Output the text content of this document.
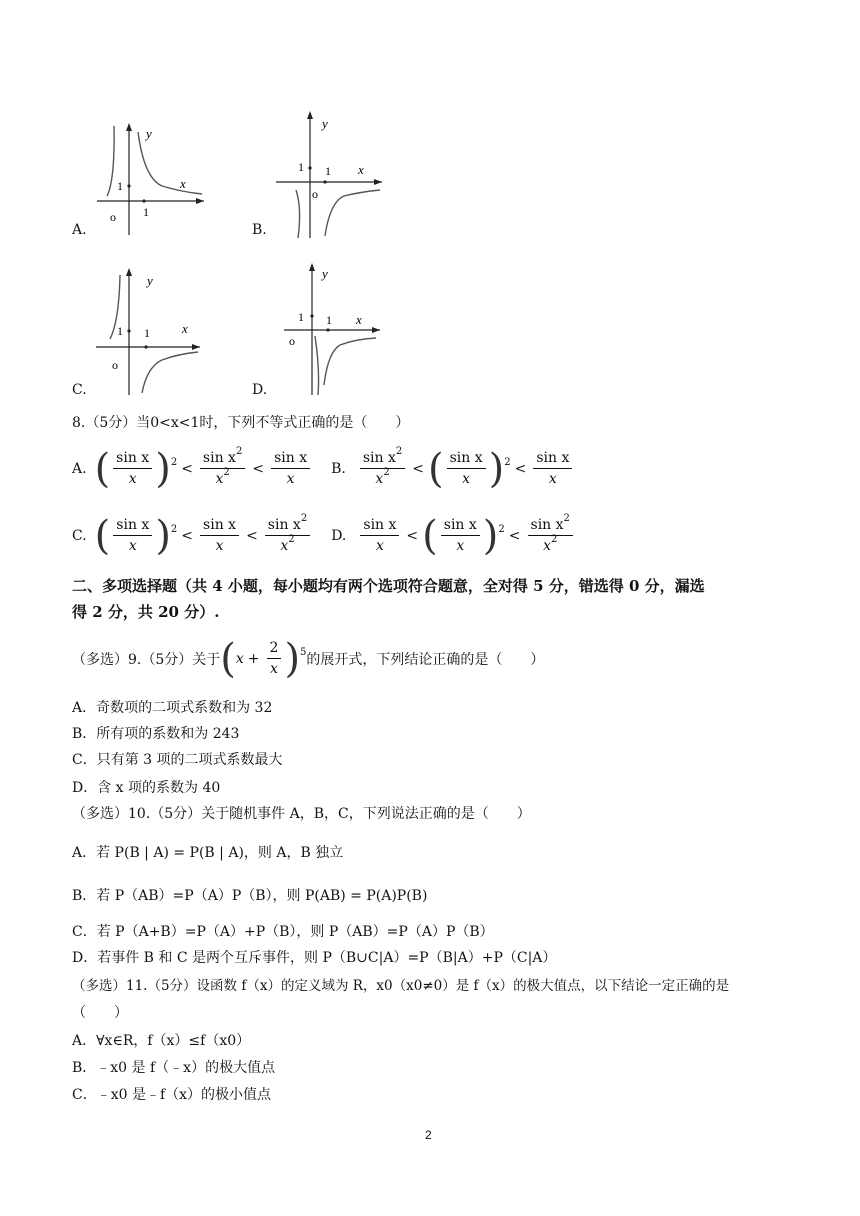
A.
y
x
1
1
o
B.
y
x
1 1
o
C.
y
x
1 1
o
D.
y
x
1 1
o
8.（5分）当0<x<1时，下列不等式正确的是（　　）
A. ( $\frac{\text{sin x}}{x}$ ) $2 < \frac{\sin x^2}{x^2} < \frac{\text{sin x}}{x} B$. $\frac{\sin x^2}{x^2}$ < ( $\frac{\text{sin x}}{x}$ ) $2 < \frac{\text{sin x}}{x}$
C. ( $\frac{\text{sin x}}{x}$ ) $2 < \frac{\text{sin x}}{x} < \frac{\sin x^2}{x^2} D$. $\frac{\text{sin x}}{x}$ < ( $\frac{\text{sin x}}{x}$ ) $2 < \frac{\sin x^2}{x^2}$
二、多项选择题（共 4 小题，每小题均有两个选项符合题意，全对得 5 分，错选得 0 分，漏选
得 2 分，共 20 分）.
（多选）9.（5分）关于 ( $x + \frac{2}{x}$ ) 5 的展开式，下列结论正确的是（　　）
A．奇数项的二项式系数和为 32
B．所有项的系数和为 243
C．只有第 3 项的二项式系数最大
D．含 x 项的系数为 40
（多选）10.（5分）关于随机事件 A，B，C，下列说法正确的是（　　）
A．若 P(B | A) = P(B | A)，则 A，B 独立
B．若 P（AB）=P（A）P（B），则 P(AB) = P(A)P(B)
C．若 P（A+B）=P（A）+P（B），则 P（AB）=P（A）P（B）
D．若事件 B 和 C 是两个互斥事件，则 P（B∪C|A）=P（B|A）+P（C|A）
（多选）11.（5分）设函数 f（x）的定义域为 R，x0（x0≠0）是 f（x）的极大值点，以下结论一定正确的是
（　　）
A．∀x∈R，f（x）≤f（x0）
B．﹣x0 是 f（﹣x）的极大值点
C．﹣x0 是﹣f（x）的极小值点
2
